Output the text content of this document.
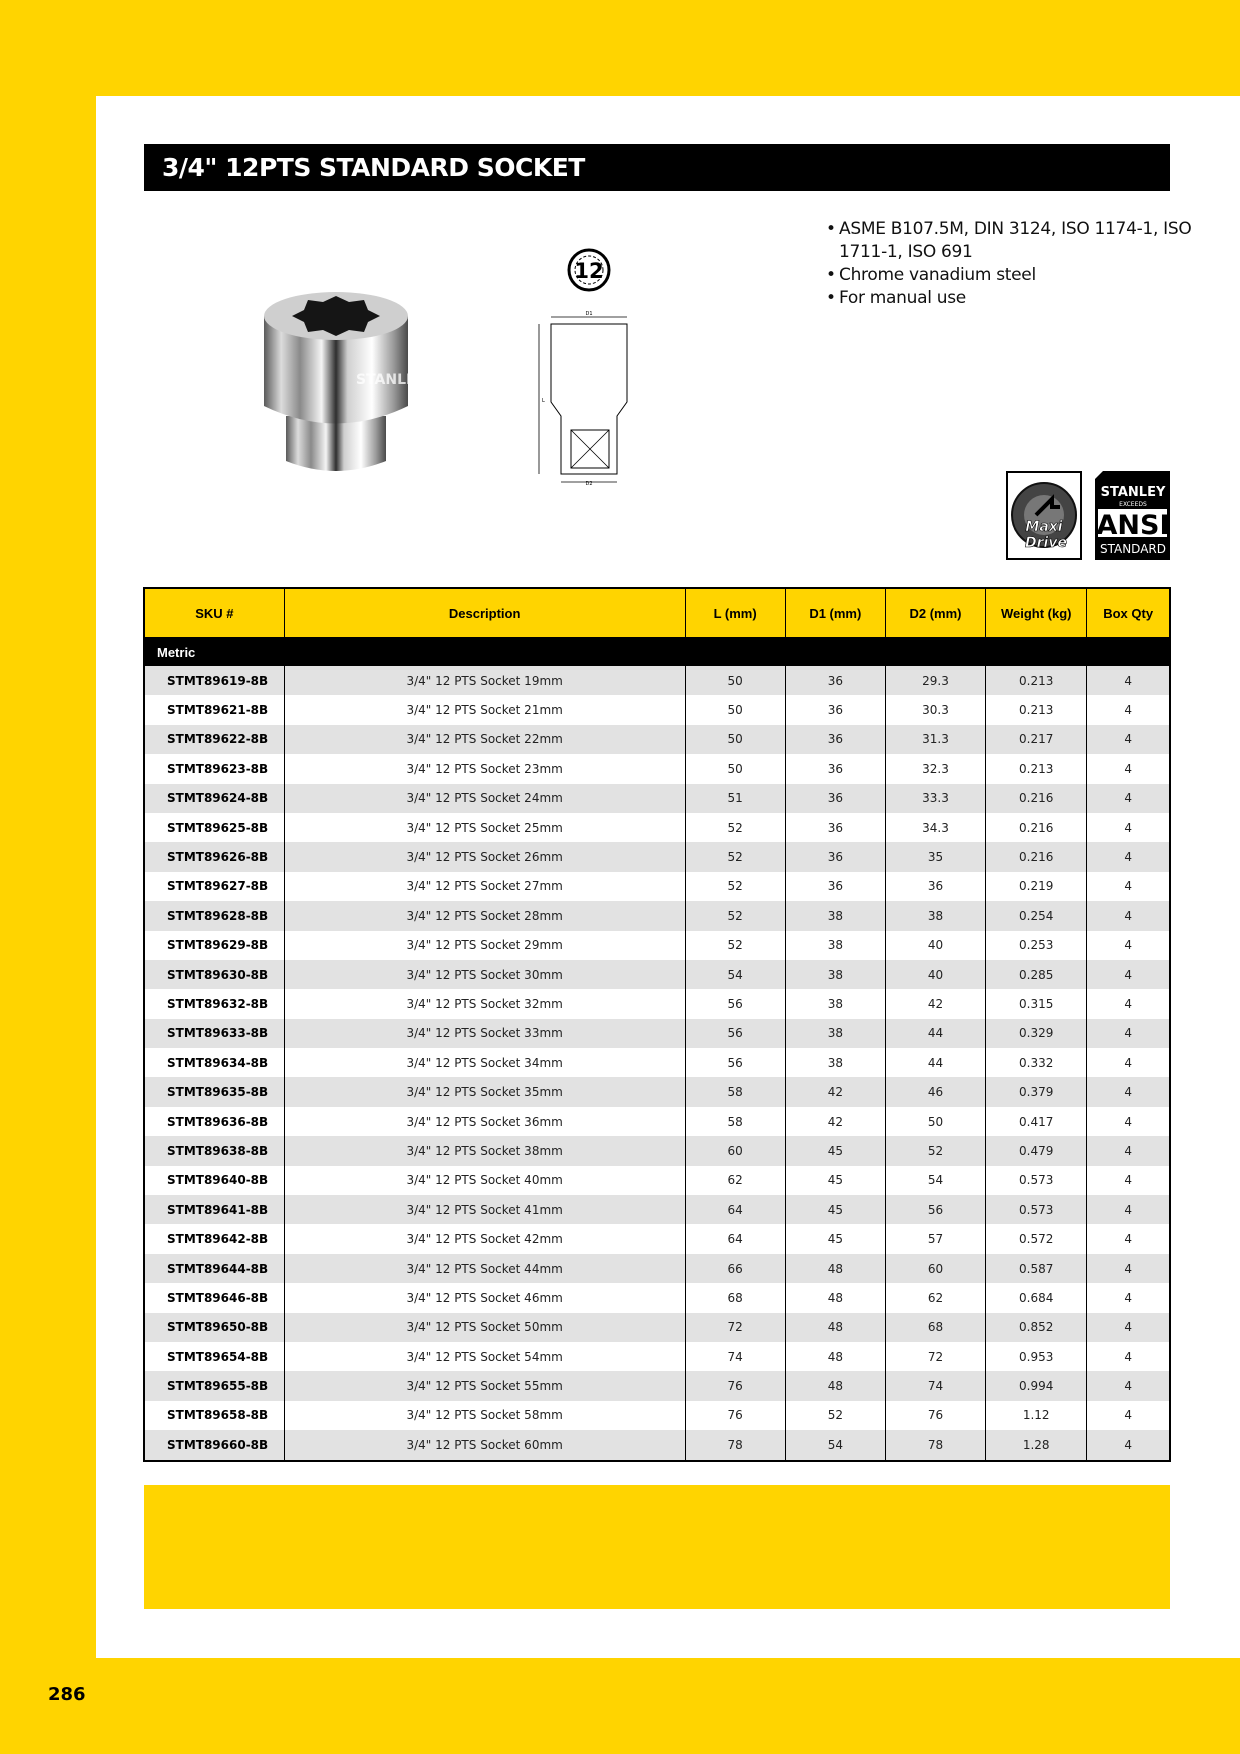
3/4" 12PTS STANDARD SOCKET
STANLEY
12
D1
L
D2
• ASME B107.5M, DIN 3124, ISO 1174-1, ISO 1711-1, ISO 691
• Chrome vanadium steel
• For manual use
Maxi
Drive
STANLEY
EXCEEDS
ANSI
STANDARD
SKU #	Description	L (mm)	D1 (mm)	D2 (mm)	Weight (kg)	Box Qty
Metric						
STMT89619-8B	3/4" 12 PTS Socket 19mm	50	36	29.3	0.213	4
STMT89621-8B	3/4" 12 PTS Socket 21mm	50	36	30.3	0.213	4
STMT89622-8B	3/4" 12 PTS Socket 22mm	50	36	31.3	0.217	4
STMT89623-8B	3/4" 12 PTS Socket 23mm	50	36	32.3	0.213	4
STMT89624-8B	3/4" 12 PTS Socket 24mm	51	36	33.3	0.216	4
STMT89625-8B	3/4" 12 PTS Socket 25mm	52	36	34.3	0.216	4
STMT89626-8B	3/4" 12 PTS Socket 26mm	52	36	35	0.216	4
STMT89627-8B	3/4" 12 PTS Socket 27mm	52	36	36	0.219	4
STMT89628-8B	3/4" 12 PTS Socket 28mm	52	38	38	0.254	4
STMT89629-8B	3/4" 12 PTS Socket 29mm	52	38	40	0.253	4
STMT89630-8B	3/4" 12 PTS Socket 30mm	54	38	40	0.285	4
STMT89632-8B	3/4" 12 PTS Socket 32mm	56	38	42	0.315	4
STMT89633-8B	3/4" 12 PTS Socket 33mm	56	38	44	0.329	4
STMT89634-8B	3/4" 12 PTS Socket 34mm	56	38	44	0.332	4
STMT89635-8B	3/4" 12 PTS Socket 35mm	58	42	46	0.379	4
STMT89636-8B	3/4" 12 PTS Socket 36mm	58	42	50	0.417	4
STMT89638-8B	3/4" 12 PTS Socket 38mm	60	45	52	0.479	4
STMT89640-8B	3/4" 12 PTS Socket 40mm	62	45	54	0.573	4
STMT89641-8B	3/4" 12 PTS Socket 41mm	64	45	56	0.573	4
STMT89642-8B	3/4" 12 PTS Socket 42mm	64	45	57	0.572	4
STMT89644-8B	3/4" 12 PTS Socket 44mm	66	48	60	0.587	4
STMT89646-8B	3/4" 12 PTS Socket 46mm	68	48	62	0.684	4
STMT89650-8B	3/4" 12 PTS Socket 50mm	72	48	68	0.852	4
STMT89654-8B	3/4" 12 PTS Socket 54mm	74	48	72	0.953	4
STMT89655-8B	3/4" 12 PTS Socket 55mm	76	48	74	0.994	4
STMT89658-8B	3/4" 12 PTS Socket 58mm	76	52	76	1.12	4
STMT89660-8B	3/4" 12 PTS Socket 60mm	78	54	78	1.28	4
286
